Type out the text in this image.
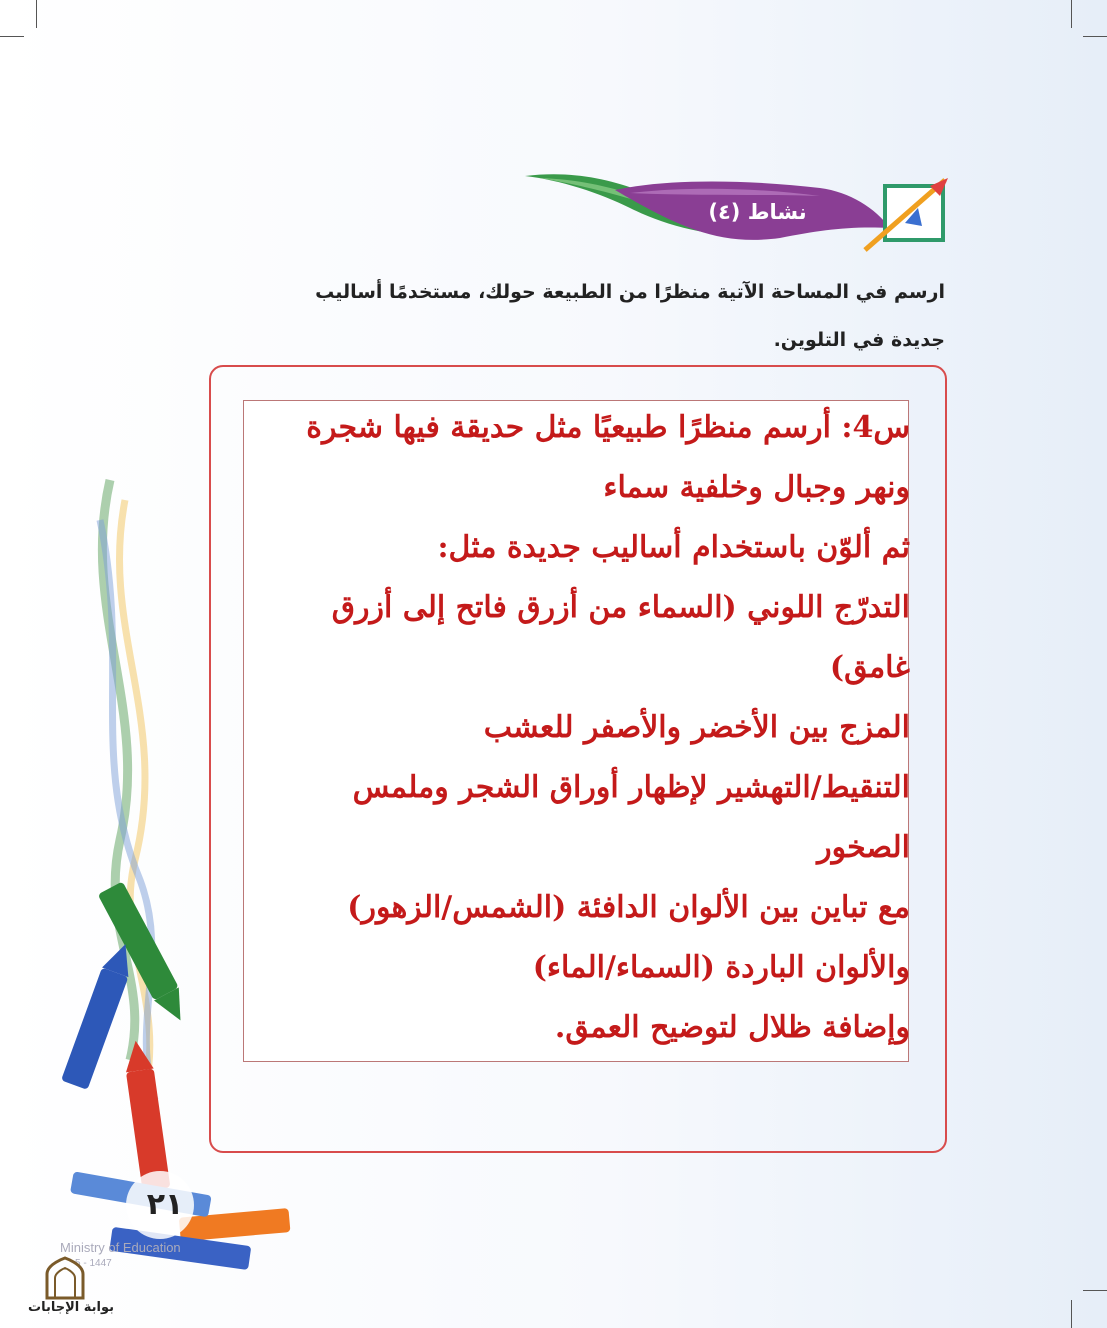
نشاط (٤)
ارسم في المساحة الآتية منظرًا من الطبيعة حولك، مستخدمًا أساليب
جديدة في التلوين.
س4: أرسم منظرًا طبيعيًا مثل حديقة فيها شجرة
ونهر وجبال وخلفية سماء
ثم ألوّن باستخدام أساليب جديدة مثل:
التدرّج اللوني (السماء من أزرق فاتح إلى أزرق
غامق)
المزج بين الأخضر والأصفر للعشب
التنقيط/التهشير لإظهار أوراق الشجر وملمس
الصخور
مع تباين بين الألوان الدافئة (الشمس/الزهور)
والألوان الباردة (السماء/الماء)
وإضافة ظلال لتوضيح العمق.
٢١
Ministry of Education
5 - 1447
بوابة الإجابات
